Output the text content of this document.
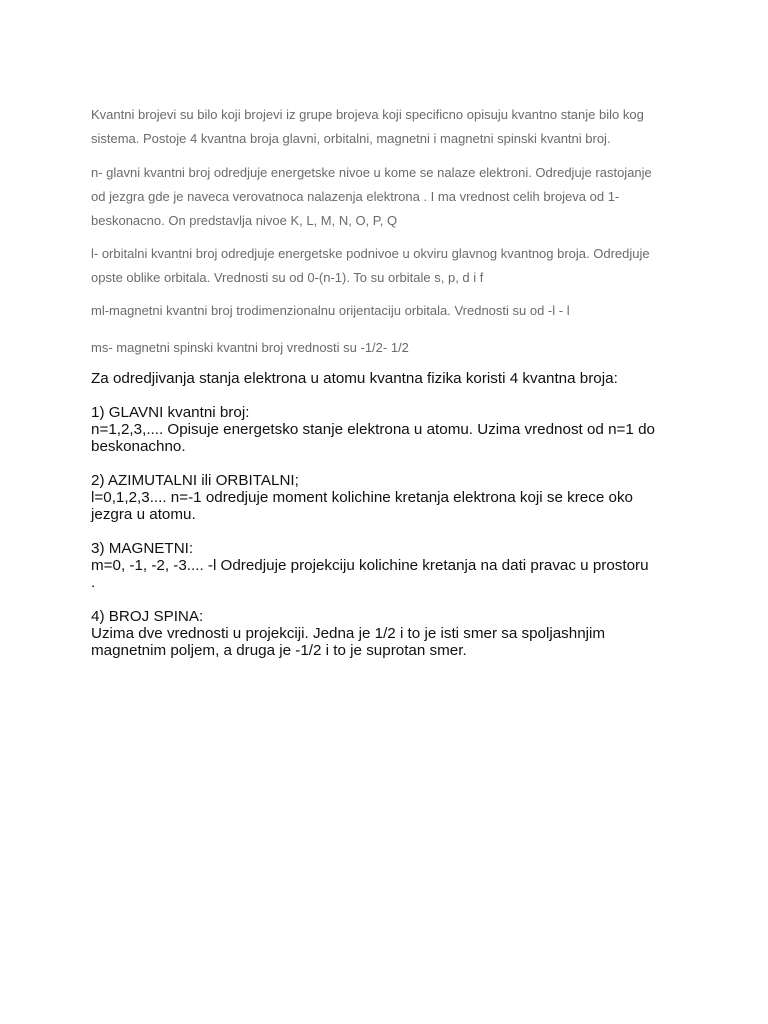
Kvantni brojevi su bilo koji brojevi iz grupe brojeva koji specificno opisuju kvantno stanje bilo kog
sistema. Postoje 4 kvantna broja glavni, orbitalni, magnetni i magnetni spinski kvantni broj.

n- glavni kvantni broj odredjuje energetske nivoe u kome se nalaze elektroni. Odredjuje rastojanje
od jezgra gde je naveca verovatnoca nalazenja elektrona . I ma vrednost celih brojeva od 1-
beskonacno. On predstavlja nivoe K, L, M, N, O, P, Q

l- orbitalni kvantni broj odredjuje energetske podnivoe u okviru glavnog kvantnog broja. Odredjuje
opste oblike orbitala. Vrednosti su od 0-(n-1). To su orbitale s, p, d i f

ml-magnetni kvantni broj trodimenzionalnu orijentaciju orbitala. Vrednosti su od -l - l

ms- magnetni spinski kvantni broj vrednosti su -1/2- 1/2

Za odredjivanja stanja elektrona u atomu kvantna fizika koristi 4 kvantna broja:

1) GLAVNI kvantni broj:

n=1,2,3,.... Opisuje energetsko stanje elektrona u atomu. Uzima vrednost od n=1 do

beskonachno.

2) AZIMUTALNI ili ORBITALNI;

l=0,1,2,3.... n=-1 odredjuje moment kolichine kretanja elektrona koji se krece oko

jezgra u atomu.

3) MAGNETNI:

m=0, -1, -2, -3.... -l Odredjuje projekciju kolichine kretanja na dati pravac u prostoru

.

4) BROJ SPINA:

Uzima dve vrednosti u projekciji. Jedna je 1/2 i to je isti smer sa spoljashnjim

magnetnim poljem, a druga je -1/2 i to je suprotan smer.
